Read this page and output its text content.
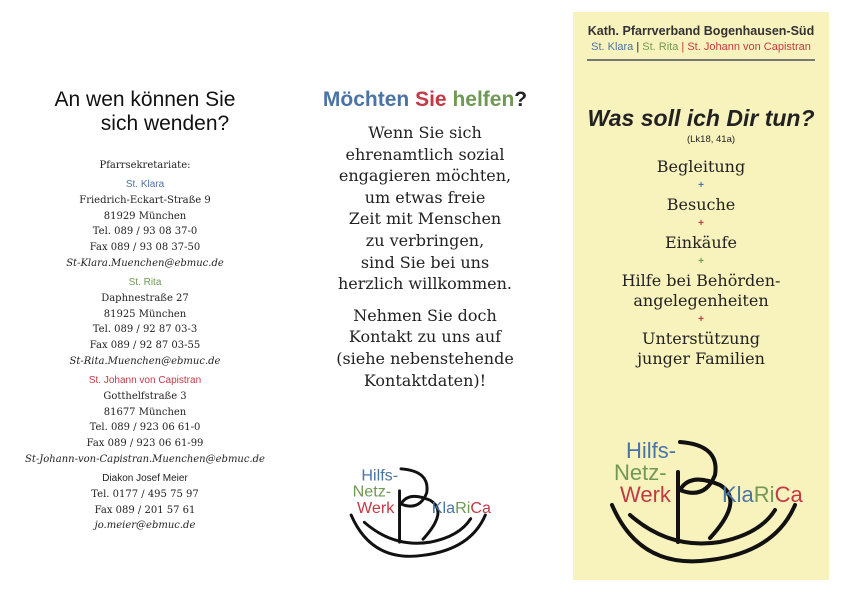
An wen können Sie
sich wenden?
Pfarrsekretariate:
St. Klara
Friedrich-Eckart-Straße 9
81929 München
Tel. 089 / 93 08 37-0
Fax 089 / 93 08 37-50
St-Klara.Muenchen@ebmuc.de
St. Rita
Daphnestraße 27
81925 München
Tel. 089 / 92 87 03-3
Fax 089 / 92 87 03-55
St-Rita.Muenchen@ebmuc.de
St. Johann von Capistran
Gotthelfstraße 3
81677 München
Tel. 089 / 923 06 61-0
Fax 089 / 923 06 61-99
St-Johann-von-Capistran.Muenchen@ebmuc.de
Diakon Josef Meier
Tel. 0177 / 495 75 97
Fax 089 / 201 57 61
jo.meier@ebmuc.de
Möchten Sie helfen?
Wenn Sie sich
ehrenamtlich sozial
engagieren möchten,
um etwas freie
Zeit mit Menschen
zu verbringen,
sind Sie bei uns
herzlich willkommen.
Nehmen Sie doch
Kontakt zu uns auf
(siehe nebenstehende
Kontaktdaten)!
Kath. Pfarrverband Bogenhausen-Süd
St. Klara | St. Rita | St. Johann von Capistran
Was soll ich Dir tun?
(Lk18, 41a)
Begleitung
+
Besuche
+
Einkäufe
+
Hilfe bei Behörden-
angelegenheiten
+
Unterstützung
junger Familien
Hilfs-
Netz-
Werk KlaRiCa
Hilfs-
Netz-
Werk KlaRiCa
